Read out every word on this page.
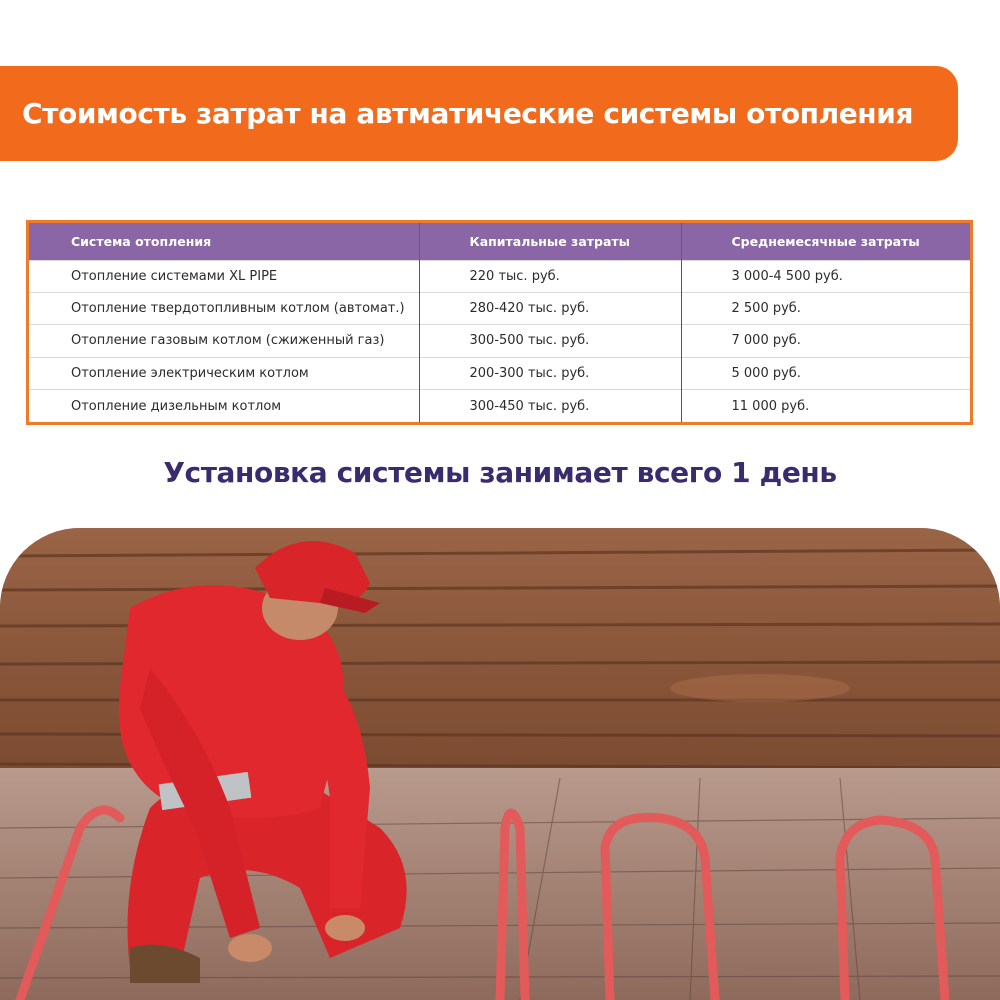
Стоимость затрат на автматические системы отопления
Система отопления	Капитальные затраты	Среднемесячные затраты
Отопление системами XL PIPE	220 тыс. руб.	3 000-4 500 руб.
Отопление твердотопливным котлом (автомат.)	280-420 тыс. руб.	2 500 руб.
Отопление газовым котлом (сжиженный газ)	300-500 тыс. руб.	7 000 руб.
Отопление электрическим котлом	200-300 тыс. руб.	5 000 руб.
Отопление дизельным котлом	300-450 тыс. руб.	11 000 руб.
Установка системы занимает всего 1 день
